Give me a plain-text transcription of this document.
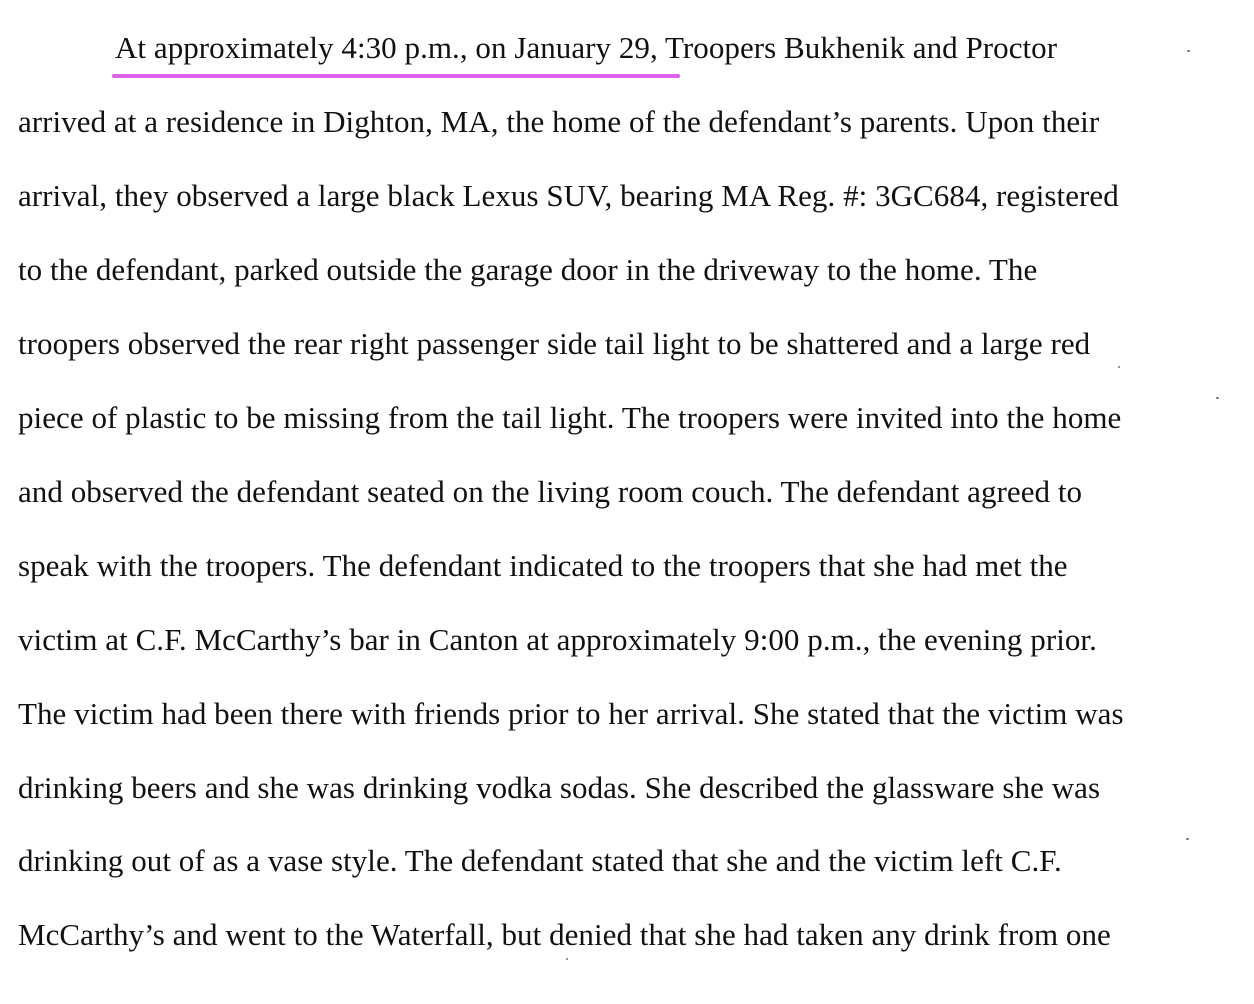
At approximately 4:30 p.m., on January 29, Troopers Bukhenik and Proctor
arrived at a residence in Dighton, MA, the home of the defendant’s parents. Upon their
arrival, they observed a large black Lexus SUV, bearing MA Reg. #: 3GC684, registered
to the defendant, parked outside the garage door in the driveway to the home. The
troopers observed the rear right passenger side tail light to be shattered and a large red
piece of plastic to be missing from the tail light. The troopers were invited into the home
and observed the defendant seated on the living room couch. The defendant agreed to
speak with the troopers. The defendant indicated to the troopers that she had met the
victim at C.F. McCarthy’s bar in Canton at approximately 9:00 p.m., the evening prior.
The victim had been there with friends prior to her arrival. She stated that the victim was
drinking beers and she was drinking vodka sodas. She described the glassware she was
drinking out of as a vase style. The defendant stated that she and the victim left C.F.
McCarthy’s and went to the Waterfall, but denied that she had taken any drink from one
